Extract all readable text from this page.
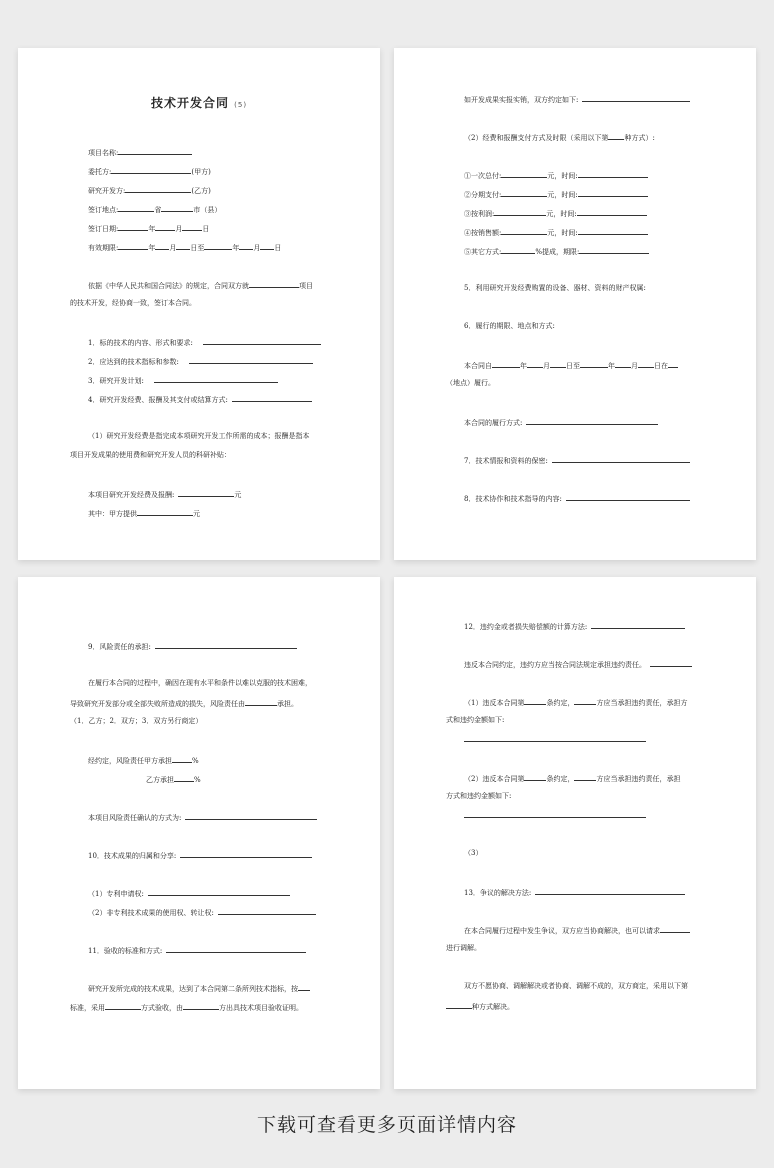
技术开发合同 (5)
项目名称:
委托方:	(甲方)
研究开发方:	(乙方)
签订地点:	省	市（县）
签订日期:	年	月	日
有效期限:	年 月 日至	年 月 日
依据《中华人民共和国合同法》的规定，合同双方就	项目
的技术开发，经协商一致，签订本合同。
1．标的技术的内容、形式和要求:
2．应达到的技术指标和参数:
3．研究开发计划:
4．研究开发经费、报酬及其支付或结算方式:
（1）研究开发经费是指完成本项研究开发工作所需的成本；报酬是指本
项目开发成果的使用费和研究开发人员的科研补贴：
本项目研究开发经费及报酬:	元
其中：甲方提供	元
如开发成果实报实销，双方约定如下:
（2）经费和报酬支付方式及时限（采用以下第 种方式）:
①一次总付:	元，时间:
②分期支付:	元，时间:
③按利润:	元，时间:
④按销售额:	元，时间:
⑤其它方式:	%提成，期限:
5．利用研究开发经费购置的设备、器材、资料的财产权属:
6．履行的期限、地点和方式:
本合同自	年 月 日至	年 月 日在
（地点）履行。
本合同的履行方式:
7．技术情报和资料的保密:
8．技术协作和技术指导的内容:
9．风险责任的承担:
在履行本合同的过程中，确因在现有水平和条件以难以克服的技术困难，
导致研究开发部分或全部失败所造成的损失，风险责任由	承担。
（1．乙方；2．双方；3．双方另行商定）
经约定，风险责任甲方承担	%
乙方承担	%
本项目风险责任确认的方式为:
10．技术成果的归属和分享:
（1）专利申请权:
（2）非专利技术成果的使用权、转让权:
11．验收的标准和方式:
研究开发所完成的技术成果，达到了本合同第二条所列技术指标，按
标准，采用	方式验收，由	方出具技术项目验收证明。
12．违约金或者损失赔偿额的计算方法:
违反本合同约定，违约方应当按合同法规定承担违约责任。
（1）违反本合同第	条约定，	方应当承担违约责任，承担方
式和违约金额如下:
（2）违反本合同第	条约定，	方应当承担违约责任，承担
方式和违约金额如下:
（3）
13．争议的解决方法:
在本合同履行过程中发生争议，双方应当协商解决，也可以请求
进行调解。
双方不愿协商、调解解决或者协商、调解不成的，双方商定，采用以下第
种方式解决。
下载可查看更多页面详情内容
